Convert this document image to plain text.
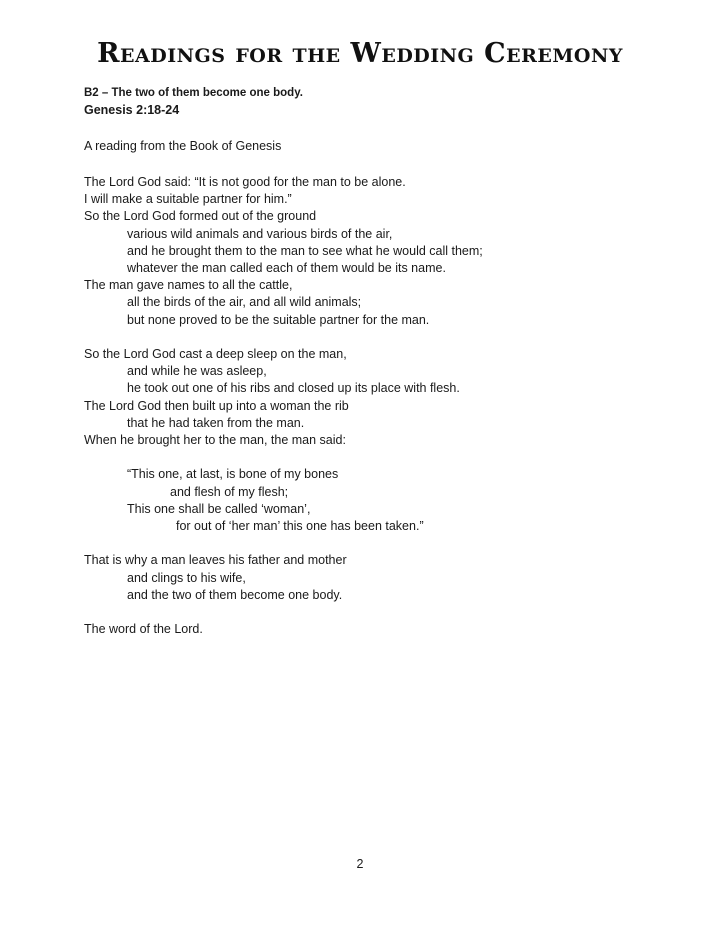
Readings for the Wedding Ceremony
B2 – The two of them become one body.
Genesis 2:18-24
A reading from the Book of Genesis
The Lord God said: “It is not good for the man to be alone.
I will make a suitable partner for him.”
So the Lord God formed out of the ground
various wild animals and various birds of the air,
and he brought them to the man to see what he would call them;
whatever the man called each of them would be its name.
The man gave names to all the cattle,
all the birds of the air, and all wild animals;
but none proved to be the suitable partner for the man.
So the Lord God cast a deep sleep on the man,
and while he was asleep,
he took out one of his ribs and closed up its place with flesh.
The Lord God then built up into a woman the rib
that he had taken from the man.
When he brought her to the man, the man said:
“This one, at last, is bone of my bones
and flesh of my flesh;
This one shall be called ‘woman’,
for out of ‘her man’ this one has been taken.”
That is why a man leaves his father and mother
and clings to his wife,
and the two of them become one body.
The word of the Lord.
2
